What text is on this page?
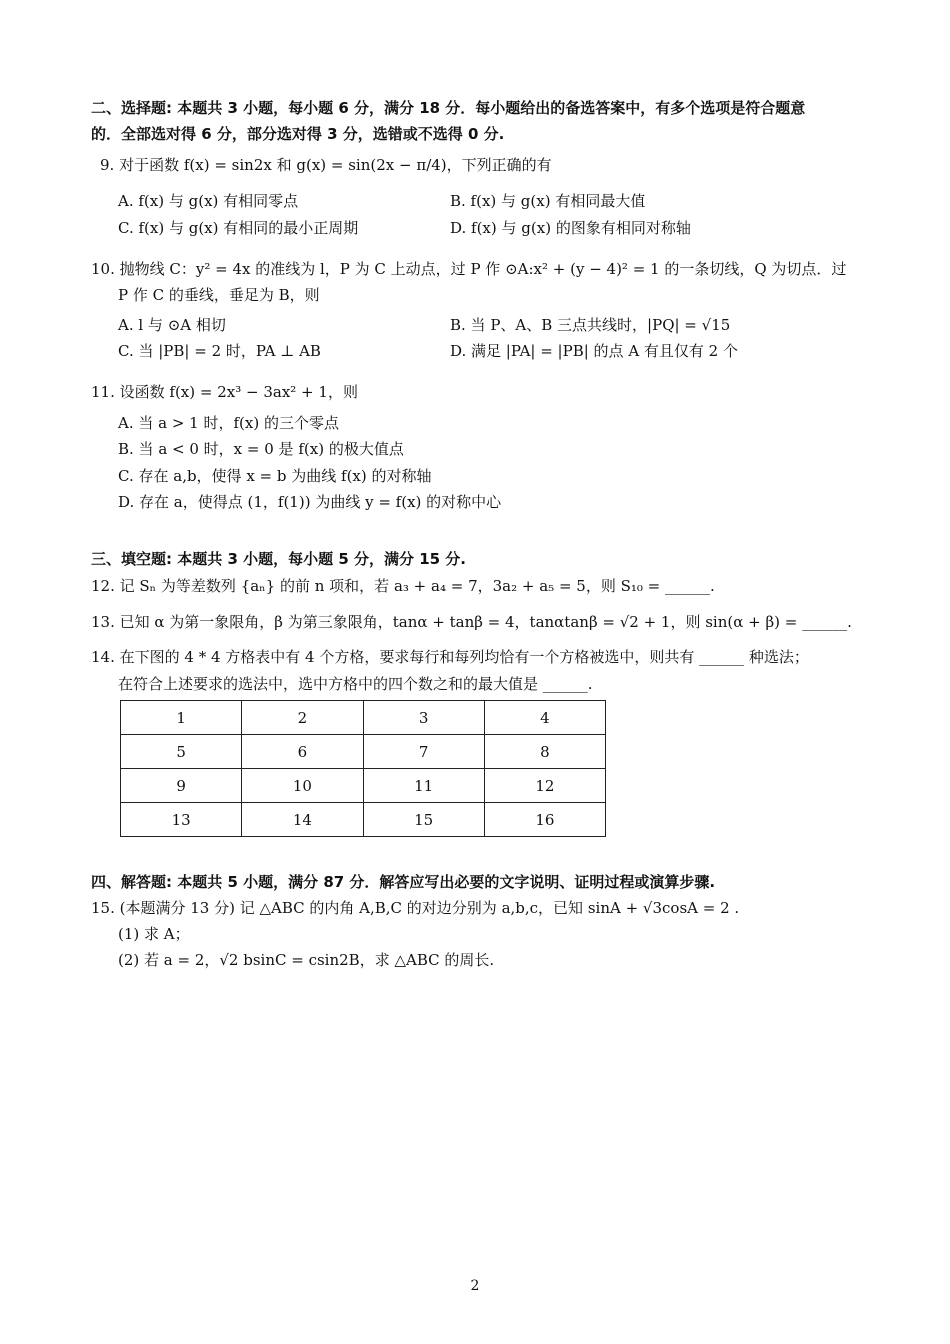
二、选择题: 本题共 3 小题，每小题 6 分，满分 18 分．每小题给出的备选答案中，有多个选项是符合题意
的．全部选对得 6 分，部分选对得 3 分，选错或不选得 0 分.
9. 对于函数 f(x) = sin2x 和 g(x) = sin(2x − π/4)，下列正确的有
A. f(x) 与 g(x) 有相同零点	B. f(x) 与 g(x) 有相同最大值
C. f(x) 与 g(x) 有相同的最小正周期	D. f(x) 与 g(x) 的图象有相同对称轴
10. 抛物线 C：y² = 4x 的准线为 l，P 为 C 上动点，过 P 作 ⊙A:x² + (y − 4)² = 1 的一条切线，Q 为切点．过
P 作 C 的垂线，垂足为 B，则
A. l 与 ⊙A 相切	B. 当 P、A、B 三点共线时，|PQ| = √15
C. 当 |PB| = 2 时，PA ⊥ AB	D. 满足 |PA| = |PB| 的点 A 有且仅有 2 个
11. 设函数 f(x) = 2x³ − 3ax² + 1，则
A. 当 a > 1 时，f(x) 的三个零点
B. 当 a < 0 时，x = 0 是 f(x) 的极大值点
C. 存在 a,b，使得 x = b 为曲线 f(x) 的对称轴
D. 存在 a，使得点 (1，f(1)) 为曲线 y = f(x) 的对称中心
三、填空题: 本题共 3 小题，每小题 5 分，满分 15 分.
12. 记 Sₙ 为等差数列 {aₙ} 的前 n 项和，若 a₃ + a₄ = 7，3a₂ + a₅ = 5，则 S₁₀ = ______.
13. 已知 α 为第一象限角，β 为第三象限角，tanα + tanβ = 4，tanαtanβ = √2 + 1，则 sin(α + β) = ______.
14. 在下图的 4 * 4 方格表中有 4 个方格，要求每行和每列均恰有一个方格被选中，则共有 ______ 种选法；
在符合上述要求的选法中，选中方格中的四个数之和的最大值是 ______.
1	2	3	4
5	6	7	8
9	10	11	12
13	14	15	16
四、解答题: 本题共 5 小题，满分 87 分．解答应写出必要的文字说明、证明过程或演算步骤.
15. (本题满分 13 分) 记 △ABC 的内角 A,B,C 的对边分别为 a,b,c，已知 sinA + √3cosA = 2 .
(1) 求 A；
(2) 若 a = 2，√2 bsinC = csin2B，求 △ABC 的周长.
2
